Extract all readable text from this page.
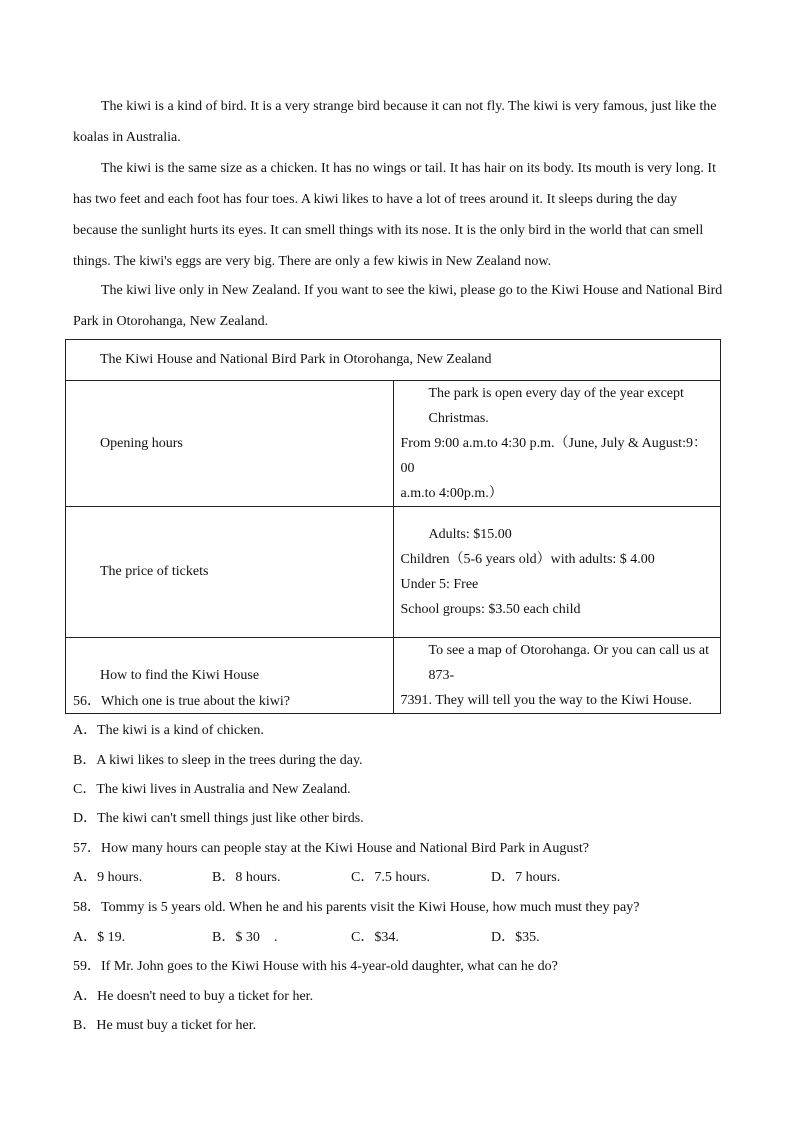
The kiwi is a kind of bird. It is a very strange bird because it can not fly. The kiwi is very famous, just like the
koalas in Australia.

The kiwi is the same size as a chicken. It has no wings or tail. It has hair on its body. Its mouth is very long. It
has two feet and each foot has four toes. A kiwi likes to have a lot of trees around it. It sleeps during the day
because the sunlight hurts its eyes. It can smell things with its nose. It is the only bird in the world that can smell
things. The kiwi's eggs are very big. There are only a few kiwis in New Zealand now.

The kiwi live only in New Zealand. If you want to see the kiwi, please go to the Kiwi House and National Bird
Park in Otorohanga, New Zealand.

The Kiwi House and National Bird Park in Otorohanga, New Zealand	
Opening hours	The park is open every day of the year except Christmas.
From 9:00 a.m.to 4:30 p.m.（June, July & August:9：00
a.m.to 4:00p.m.）

The price of tickets	Adults: $15.00
Children（5-6 years old）with adults: $ 4.00
Under 5: Free
School groups: $3.50 each child

How to find the Kiwi House	To see a map of Otorohanga. Or you can call us at 873-
7391. They will tell you the way to the Kiwi House.

56．Which one is true about the kiwi?

A．The kiwi is a kind of chicken.

B．A kiwi likes to sleep in the trees during the day.

C．The kiwi lives in Australia and New Zealand.

D．The kiwi can't smell things just like other birds.

57．How many hours can people stay at the Kiwi House and National Bird Park in August?

A．9 hours.	B．8 hours.	C．7.5 hours.	D．7 hours.

58．Tommy is 5 years old. When he and his parents visit the Kiwi House, how much must they pay?

A．$ 19.	B．$ 30　.	C．$34.	D．$35.

59．If Mr. John goes to the Kiwi House with his 4-year-old daughter, what can he do?

A．He doesn't need to buy a ticket for her.

B．He must buy a ticket for her.
